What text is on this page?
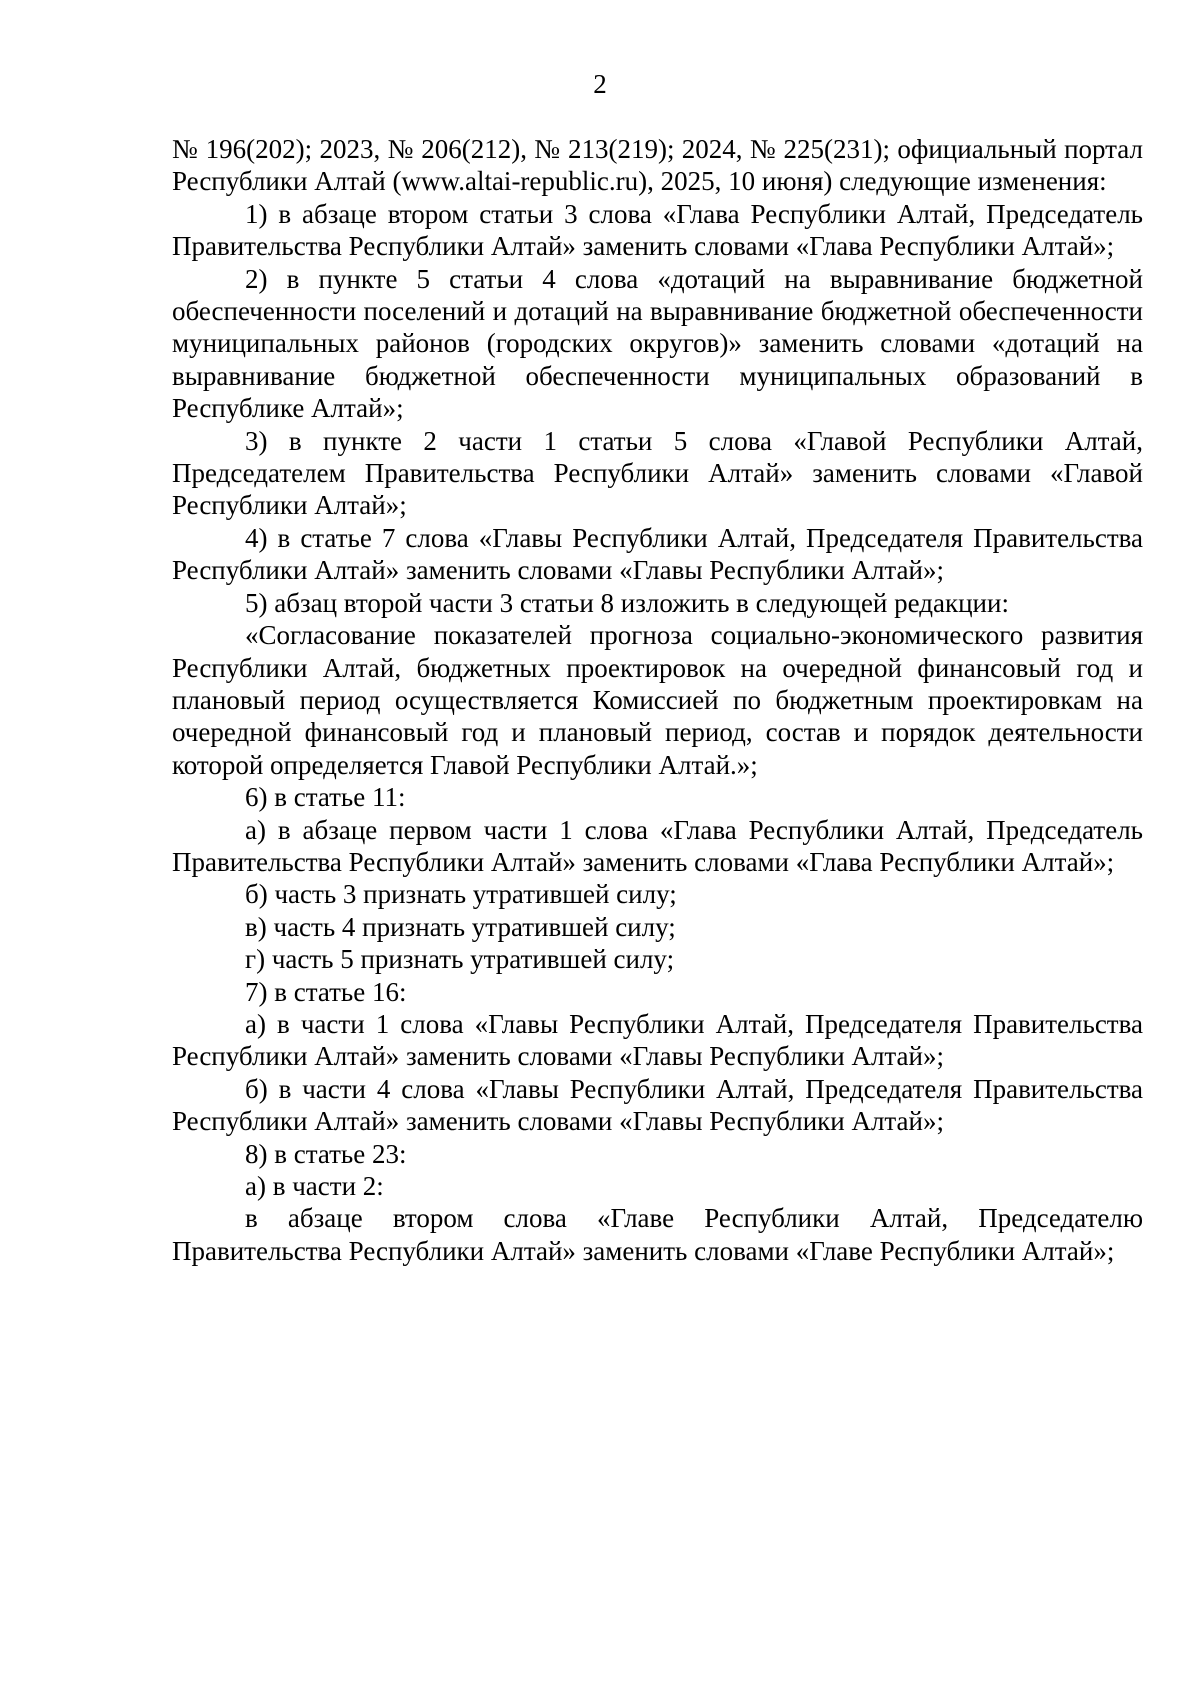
2

№ 196(202); 2023, № 206(212), № 213(219); 2024, № 225(231); официальный портал Республики Алтай (www.altai-republic.ru), 2025, 10 июня) следующие изменения:

1) в абзаце втором статьи 3 слова «Глава Республики Алтай, Председатель Правительства Республики Алтай» заменить словами «Глава Республики Алтай»;

2) в пункте 5 статьи 4 слова «дотаций на выравнивание бюджетной обеспеченности поселений и дотаций на выравнивание бюджетной обеспеченности муниципальных районов (городских округов)» заменить словами «дотаций на выравнивание бюджетной обеспеченности муниципальных образований в Республике Алтай»;

3) в пункте 2 части 1 статьи 5 слова «Главой Республики Алтай, Председателем Правительства Республики Алтай» заменить словами «Главой Республики Алтай»;

4) в статье 7 слова «Главы Республики Алтай, Председателя Правительства Республики Алтай» заменить словами «Главы Республики Алтай»;

5) абзац второй части 3 статьи 8 изложить в следующей редакции:

«Согласование показателей прогноза социально-экономического развития Республики Алтай, бюджетных проектировок на очередной финансовый год и плановый период осуществляется Комиссией по бюджетным проектировкам на очередной финансовый год и плановый период, состав и порядок деятельности которой определяется Главой Республики Алтай.»;

6) в статье 11:

а) в абзаце первом части 1 слова «Глава Республики Алтай, Председатель Правительства Республики Алтай» заменить словами «Глава Республики Алтай»;

б) часть 3 признать утратившей силу;

в) часть 4 признать утратившей силу;

г) часть 5 признать утратившей силу;

7) в статье 16:

а) в части 1 слова «Главы Республики Алтай, Председателя Правительства Республики Алтай» заменить словами «Главы Республики Алтай»;

б) в части 4 слова «Главы Республики Алтай, Председателя Правительства Республики Алтай» заменить словами «Главы Республики Алтай»;

8) в статье 23:

а) в части 2:

в абзаце втором слова «Главе Республики Алтай, Председателю Правительства Республики Алтай» заменить словами «Главе Республики Алтай»;
